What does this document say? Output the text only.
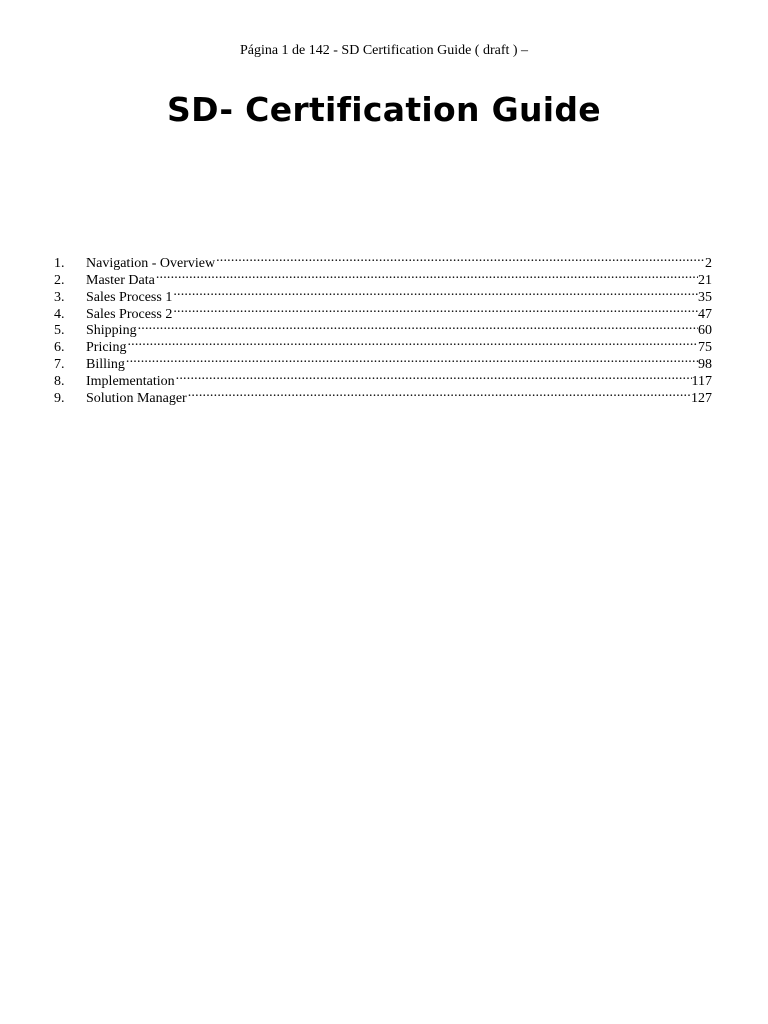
Página 1 de 142 - SD Certification Guide ( draft ) –
SD- Certification Guide
1.	Navigation - Overview .....	2
2.	Master Data .....	21
3.	Sales Process 1 .....	35
4.	Sales Process 2 .....	47
5.	Shipping .....	60
6.	Pricing .....	75
7.	Billing .....	98
8.	Implementation .....	117
9.	Solution Manager .....	127
